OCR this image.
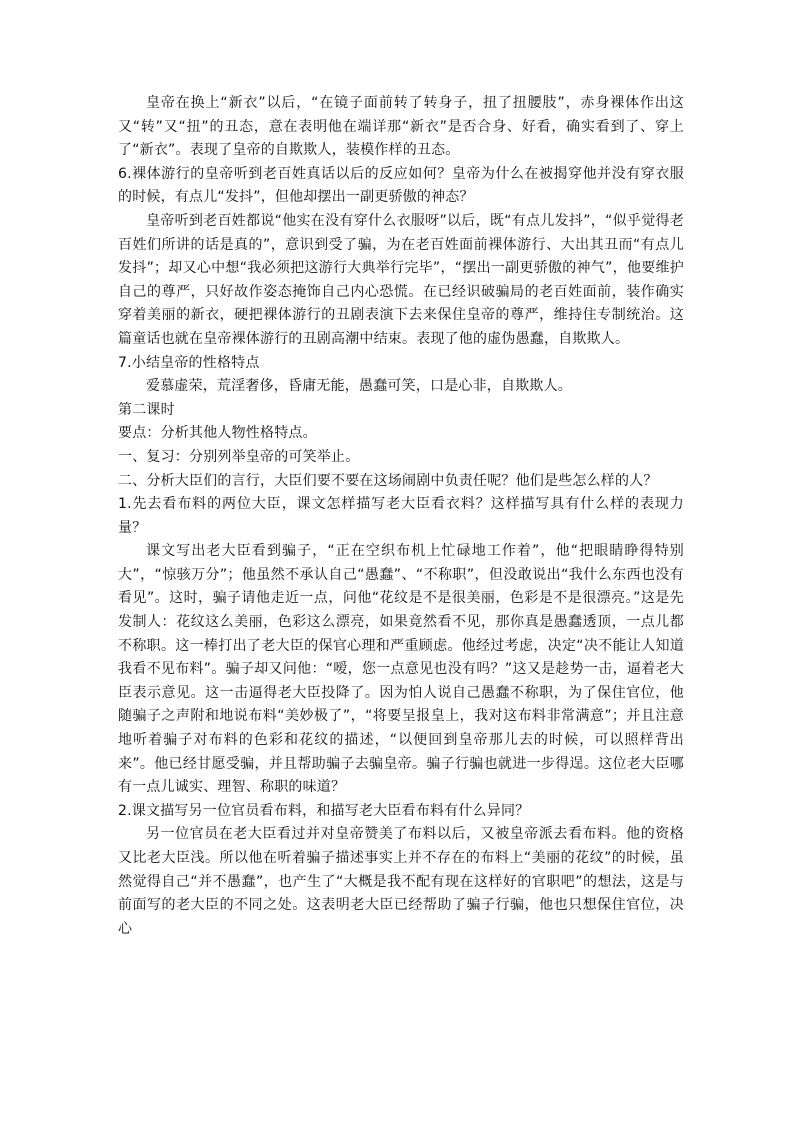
皇帝在换上“新衣”以后，“在镜子面前转了转身子，扭了扭腰肢”，赤身裸体作出这又“转”又“扭”的丑态，意在表明他在端详那“新衣”是否合身、好看，确实看到了、穿上了“新衣”。表现了皇帝的自欺欺人，装模作样的丑态。

6.裸体游行的皇帝听到老百姓真话以后的反应如何？皇帝为什么在被揭穿他并没有穿衣服的时候，有点儿“发抖”，但他却摆出一副更骄傲的神态？

皇帝听到老百姓都说“他实在没有穿什么衣服呀”以后，既“有点儿发抖”，“似乎觉得老百姓们所讲的话是真的”，意识到受了骗，为在老百姓面前裸体游行、大出其丑而“有点儿发抖”；却又心中想“我必须把这游行大典举行完毕”，“摆出一副更骄傲的神气”，他要维护自己的尊严，只好故作姿态掩饰自己内心恐慌。在已经识破骗局的老百姓面前，装作确实穿着美丽的新衣，硬把裸体游行的丑剧表演下去来保住皇帝的尊严，维持住专制统治。这篇童话也就在皇帝裸体游行的丑剧高潮中结束。表现了他的虚伪愚蠢，自欺欺人。

7.小结皇帝的性格特点

爱慕虚荣，荒淫奢侈，昏庸无能，愚蠢可笑，口是心非，自欺欺人。

第二课时

要点：分析其他人物性格特点。

一、复习：分别列举皇帝的可笑举止。

二、分析大臣们的言行，大臣们要不要在这场闹剧中负责任呢？他们是些怎么样的人？

1.先去看布料的两位大臣，课文怎样描写老大臣看衣料？这样描写具有什么样的表现力量？

课文写出老大臣看到骗子，“正在空织布机上忙碌地工作着”，他“把眼睛睁得特别大”，“惊骇万分”；他虽然不承认自己“愚蠢”、“不称职”，但没敢说出“我什么东西也没有看见”。这时，骗子请他走近一点，问他“花纹是不是很美丽，色彩是不是很漂亮。”这是先发制人：花纹这么美丽，色彩这么漂亮，如果竟然看不见，那你真是愚蠢透顶，一点儿都不称职。这一棒打出了老大臣的保官心理和严重顾虑。他经过考虑，决定“决不能让人知道我看不见布料”。骗子却又问他：“嗳，您一点意见也没有吗？”这又是趁势一击，逼着老大臣表示意见。这一击逼得老大臣投降了。因为怕人说自己愚蠢不称职，为了保住官位，他随骗子之声附和地说布料“美妙极了”，“将要呈报皇上，我对这布料非常满意”；并且注意地听着骗子对布料的色彩和花纹的描述，“以便回到皇帝那儿去的时候，可以照样背出来”。他已经甘愿受骗，并且帮助骗子去骗皇帝。骗子行骗也就进一步得逞。这位老大臣哪有一点儿诚实、理智、称职的味道？

2.课文描写另一位官员看布料，和描写老大臣看布料有什么异同？

另一位官员在老大臣看过并对皇帝赞美了布料以后，又被皇帝派去看布料。他的资格又比老大臣浅。所以他在听着骗子描述事实上并不存在的布料上“美丽的花纹”的时候，虽然觉得自己“并不愚蠢”，也产生了“大概是我不配有现在这样好的官职吧”的想法，这是与前面写的老大臣的不同之处。这表明老大臣已经帮助了骗子行骗，他也只想保住官位，决心
